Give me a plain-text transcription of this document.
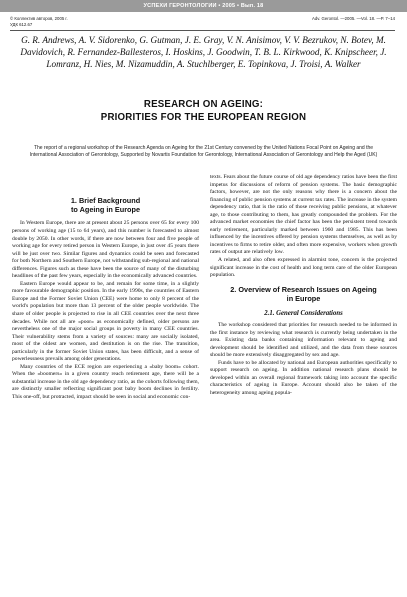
УСПЕХИ ГЕРОНТОЛОГИИ • 2005 • Вып. 18
© Коллектив авторов, 2005 г.
УДК 612.67
Adv. Gerontol. —2005. —Vol. 18. —P. 7–14
G. R. Andrews, A. V. Sidorenko, G. Gutman, J. E. Gray, V. N. Anisimov, V. V. Bezrukov, N. Botev, M. Davidovich, R. Fernandez-Ballesteros, I. Hoskins, J. Goodwin, T. B. L. Kirkwood, K. Knipscheer, J. Lomranz, H. Nies, M. Nizamuddin, A. Stuchlberger, E. Topinkova, J. Troisi, A. Walker
RESEARCH ON AGEING:
PRIORITIES FOR THE EUROPEAN REGION
The report of a regional workshop of the Research Agenda on Ageing for the 21st Century convened by the United Nations Focal Point on Ageing and the International Association of Gerontology, Supported by Novartis Foundation for Gerontology, International Association of Gerontology and Help the Aged (UK)
1. Brief Background
to Ageing in Europe

In Western Europe, there are at present about 25 persons over 65 for every 100 persons of working age (15 to 64 years), and this number is forecasted to almost double by 2050. In other words, if there are now between four and five people of working age for every retired person in Western Europe, in just over 45 years there will be just over two. Similar figures and dynamics could be seen and forecasted for both Northern and Southern Europe, not withstanding sub-regional and national differences. Figures such as these have been the source of many of the disturbing headlines of the past few years, especially in the economically advanced countries.

Eastern Europe would appear to be, and remain for some time, in a slightly more favourable demographic position. In the early 1990s, the countries of Eastern Europe and the Former Soviet Union (CEE) were home to only 8 percent of the world's population but more than 13 percent of the older people worldwide. The share of older people is projected to rise in all CEE countries over the next three decades. While not all are «poor» as economically defined, older persons are nevertheless one of the major social groups in poverty in many CEE countries. Their vulnerability stems from a variety of sources: many are socially isolated, most of the oldest are women, and destitution is on the rise. The transition, particularly in the former Soviet Union states, has been difficult, and a sense of powerlessness prevails among older generations.

Many countries of the ECE region are experiencing a «baby boom» cohort. When the «boomers» in a given country reach retirement age, there will be a substantial increase in the old age dependency ratio, as the cohorts following them, are distinctly smaller reflecting significant post baby boom declines in fertility. This one-off, but protracted, impact should be seen in social and economic con-

texts. Fears about the future course of old age dependency ratios have been the first impetus for discussions of reform of pension systems. The basic demographic factors, however, are not the only reasons why there is a concern about the financing of public pension systems at current tax rates. The increase in the system dependency ratio, that is the ratio of those receiving public pensions, at whatever age, to those contributing to them, has greatly compounded the problem. For the advanced market economies the chief factor has been the persistent trend towards early retirement, particularly marked between 1960 and 1985. This has been influenced by the incentives offered by pension systems themselves, as well as by incentives to firms to retire older, and often more expensive, workers when growth rates of output are relatively low.

A related, and also often expressed in alarmist tone, concern is the projected significant increase in the cost of health and long term care of the older European population.

2. Overview of Research Issues on Ageing
in Europe
2.1. General Considerations

The workshop considered that priorities for research needed to be informed in the first instance by reviewing what research is currently being undertaken in the area. Existing data banks containing information relevant to ageing and development should be identified and utilized, and the data from these sources should be more extensively disaggregated by sex and age.

Funds have to be allocated by national and European authorities specifically to support research on ageing. In addition national research plans should be developed within an overall regional framework taking into account the specific characteristics of ageing in Europe. Account should also be taken of the heterogeneity among ageing popula-
